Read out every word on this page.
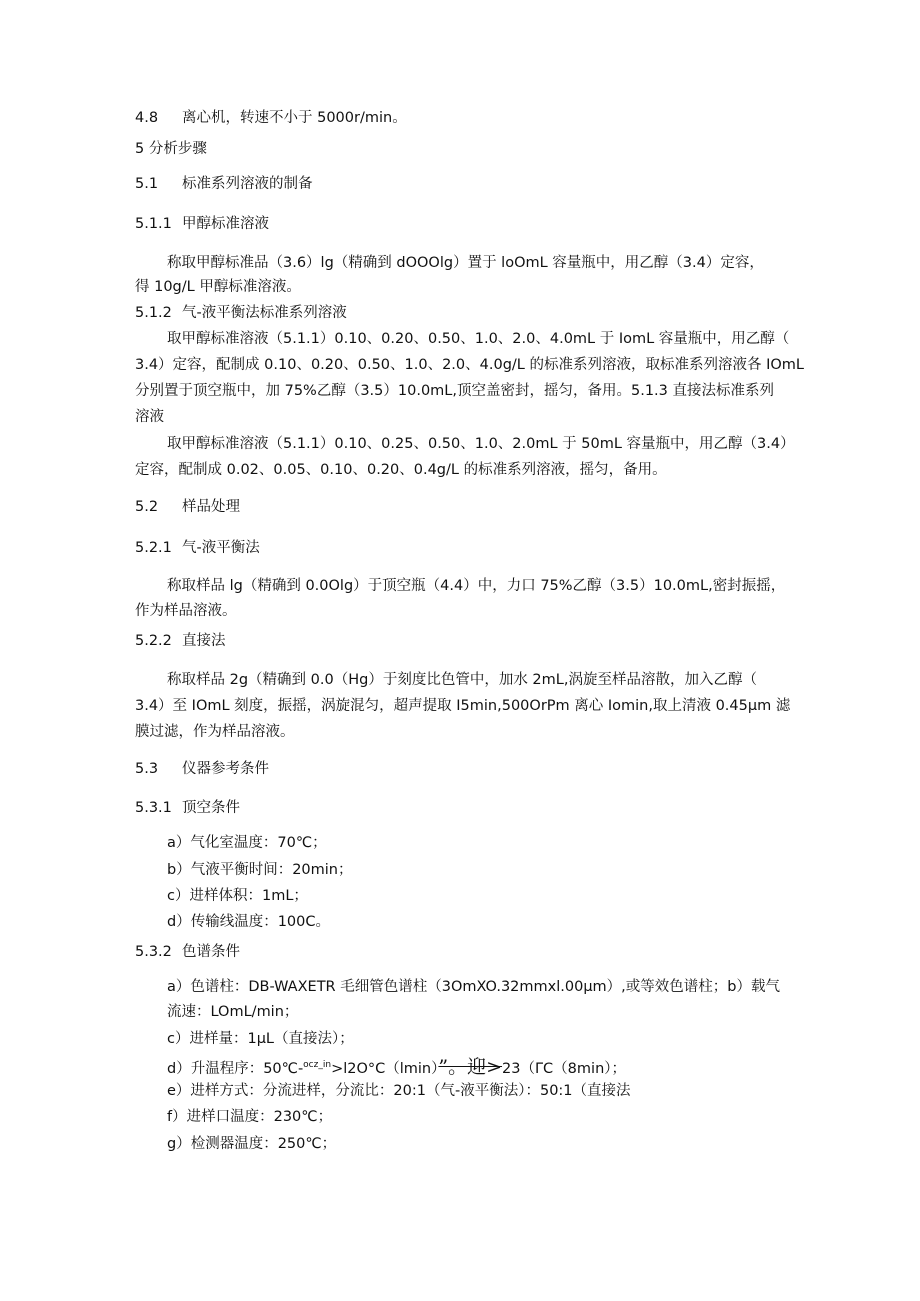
4.8 离心机，转速不小于 5000r/min。
5 分析步骤
5.1 标准系列溶液的制备
5.1.1 甲醇标准溶液
称取甲醇标准品（3.6）lg（精确到 dOOOlg）置于 loOmL 容量瓶中，用乙醇（3.4）定容，
得 10g/L 甲醇标准溶液。
5.1.2 气-液平衡法标准系列溶液
取甲醇标准溶液（5.1.1）0.10、0.20、0.50、1.0、2.0、4.0mL 于 IomL 容量瓶中，用乙醇（
3.4）定容，配制成 0.10、0.20、0.50、1.0、2.0、4.0g/L 的标准系列溶液，取标准系列溶液各 IOmL
分别置于顶空瓶中，加 75%乙醇（3.5）10.0mL,顶空盖密封，摇匀，备用。5.1.3 直接法标准系列
溶液
取甲醇标准溶液（5.1.1）0.10、0.25、0.50、1.0、2.0mL 于 50mL 容量瓶中，用乙醇（3.4）
定容，配制成 0.02、0.05、0.10、0.20、0.4g/L 的标准系列溶液，摇匀，备用。
5.2 样品处理
5.2.1 气-液平衡法
称取样品 lg（精确到 0.0Olg）于顶空瓶（4.4）中，力口 75%乙醇（3.5）10.0mL,密封振摇，
作为样品溶液。
5.2.2 直接法
称取样品 2g（精确到 0.0（Hg）于刻度比色管中，加水 2mL,涡旋至样品溶散，加入乙醇（
3.4）至 IOmL 刻度，振摇，涡旋混匀，超声提取 I5min,500OrPm 离心 Iomin,取上清液 0.45μm 滤
膜过滤，作为样品溶液。
5.3 仪器参考条件
5.3.1 顶空条件
a）气化室温度：70℃；
b）气液平衡时间：20min；
c）进样体积：1mL；
d）传输线温度：100C。
5.3.2 色谱条件
a）色谱柱：DB-WAXETR 毛细管色谱柱（3OmXO.32mmxl.00μm）,或等效色谱柱；b）载气
流速：LOmL/min；
c）进样量：1μL（直接法）；
d）升温程序：50℃-$^{ocz\_in}$>l2O°C（lmin）”。迎>23（ΓC（8min）；
e）进样方式：分流进样，分流比：20:1（气-液平衡法）：50:1（直接法
f）进样口温度：230℃；
g）检测器温度：250℃；
